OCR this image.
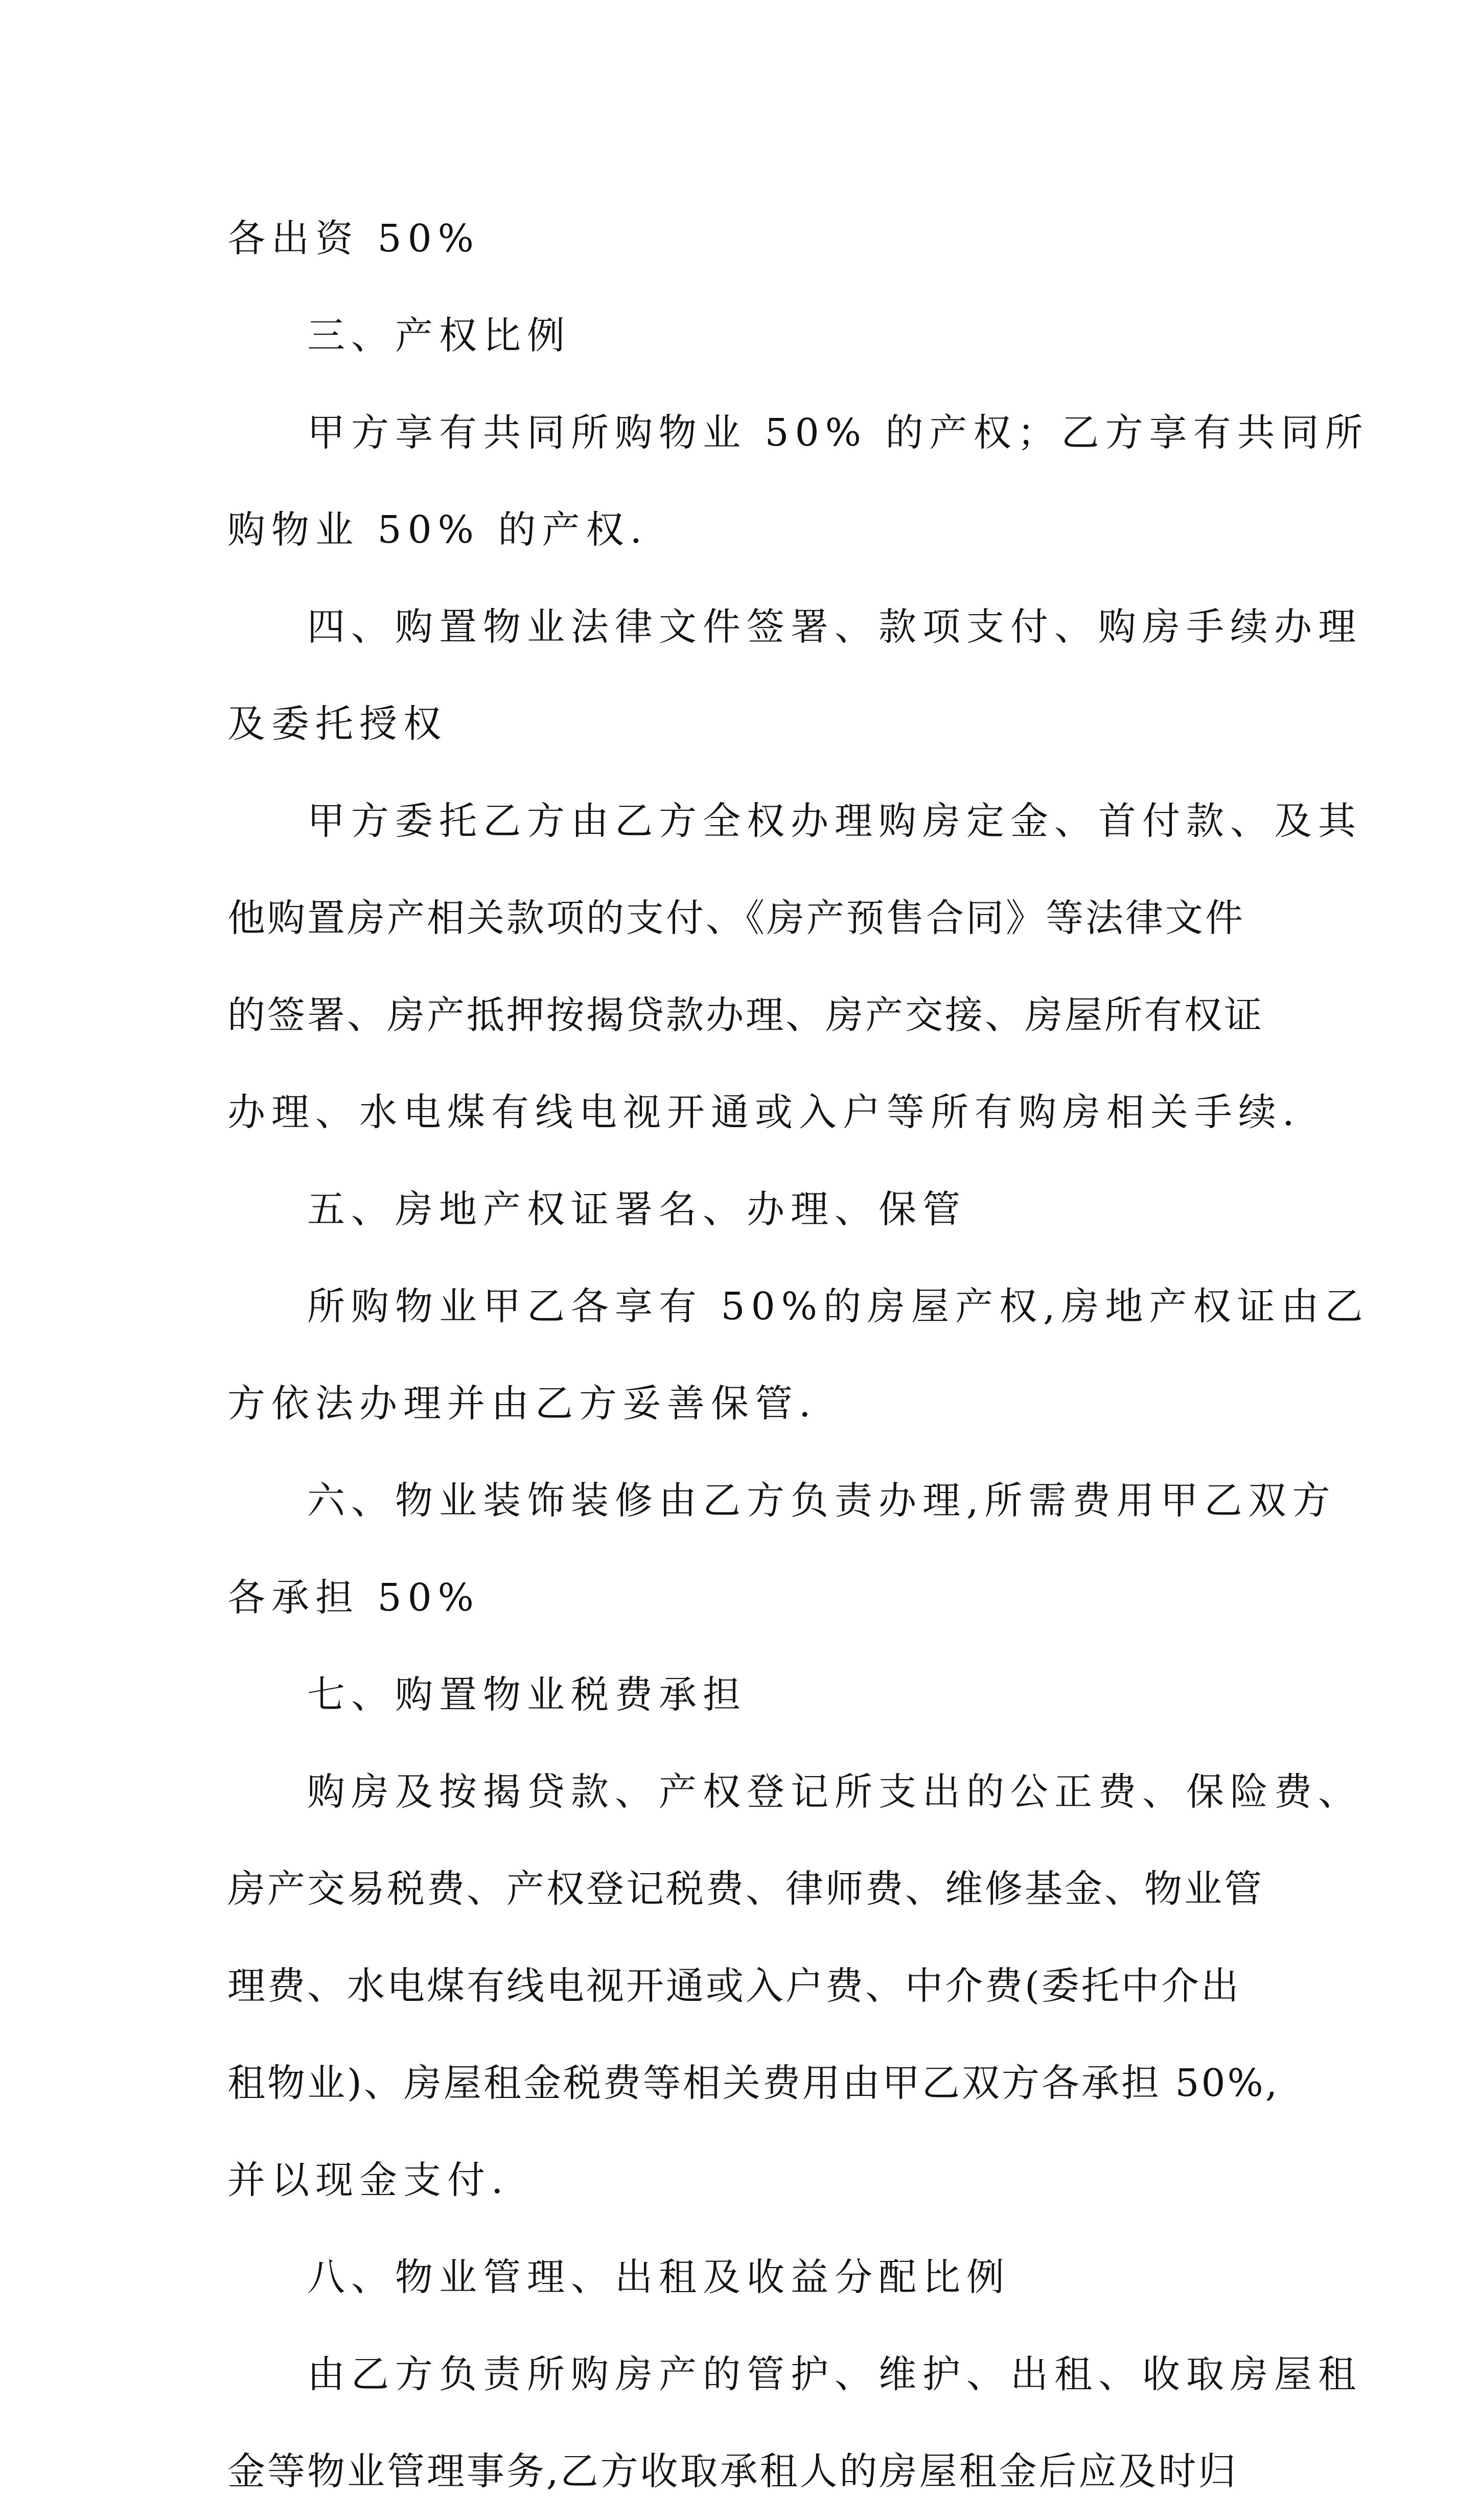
各出资 50%
三、产权比例
甲方享有共同所购物业 50% 的产权；乙方享有共同所
购物业 50% 的产权.
四、购置物业法律文件签署、款项支付、购房手续办理
及委托授权
甲方委托乙方由乙方全权办理购房定金、首付款、及其
他购置房产相关款项的支付、《房产预售合同》等法律文件
的签署、房产抵押按揭贷款办理、房产交接、房屋所有权证
办理、水电煤有线电视开通或入户等所有购房相关手续.
五、房地产权证署名、办理、保管
所购物业甲乙各享有 50%的房屋产权,房地产权证由乙
方依法办理并由乙方妥善保管.
六、物业装饰装修由乙方负责办理,所需费用甲乙双方
各承担 50%
七、购置物业税费承担
购房及按揭贷款、产权登记所支出的公正费、保险费、
房产交易税费、产权登记税费、律师费、维修基金、物业管
理费、水电煤有线电视开通或入户费、中介费(委托中介出
租物业)、房屋租金税费等相关费用由甲乙双方各承担 50%,
并以现金支付.
八、物业管理、出租及收益分配比例
由乙方负责所购房产的管护、维护、出租、收取房屋租
金等物业管理事务,乙方收取承租人的房屋租金后应及时归
